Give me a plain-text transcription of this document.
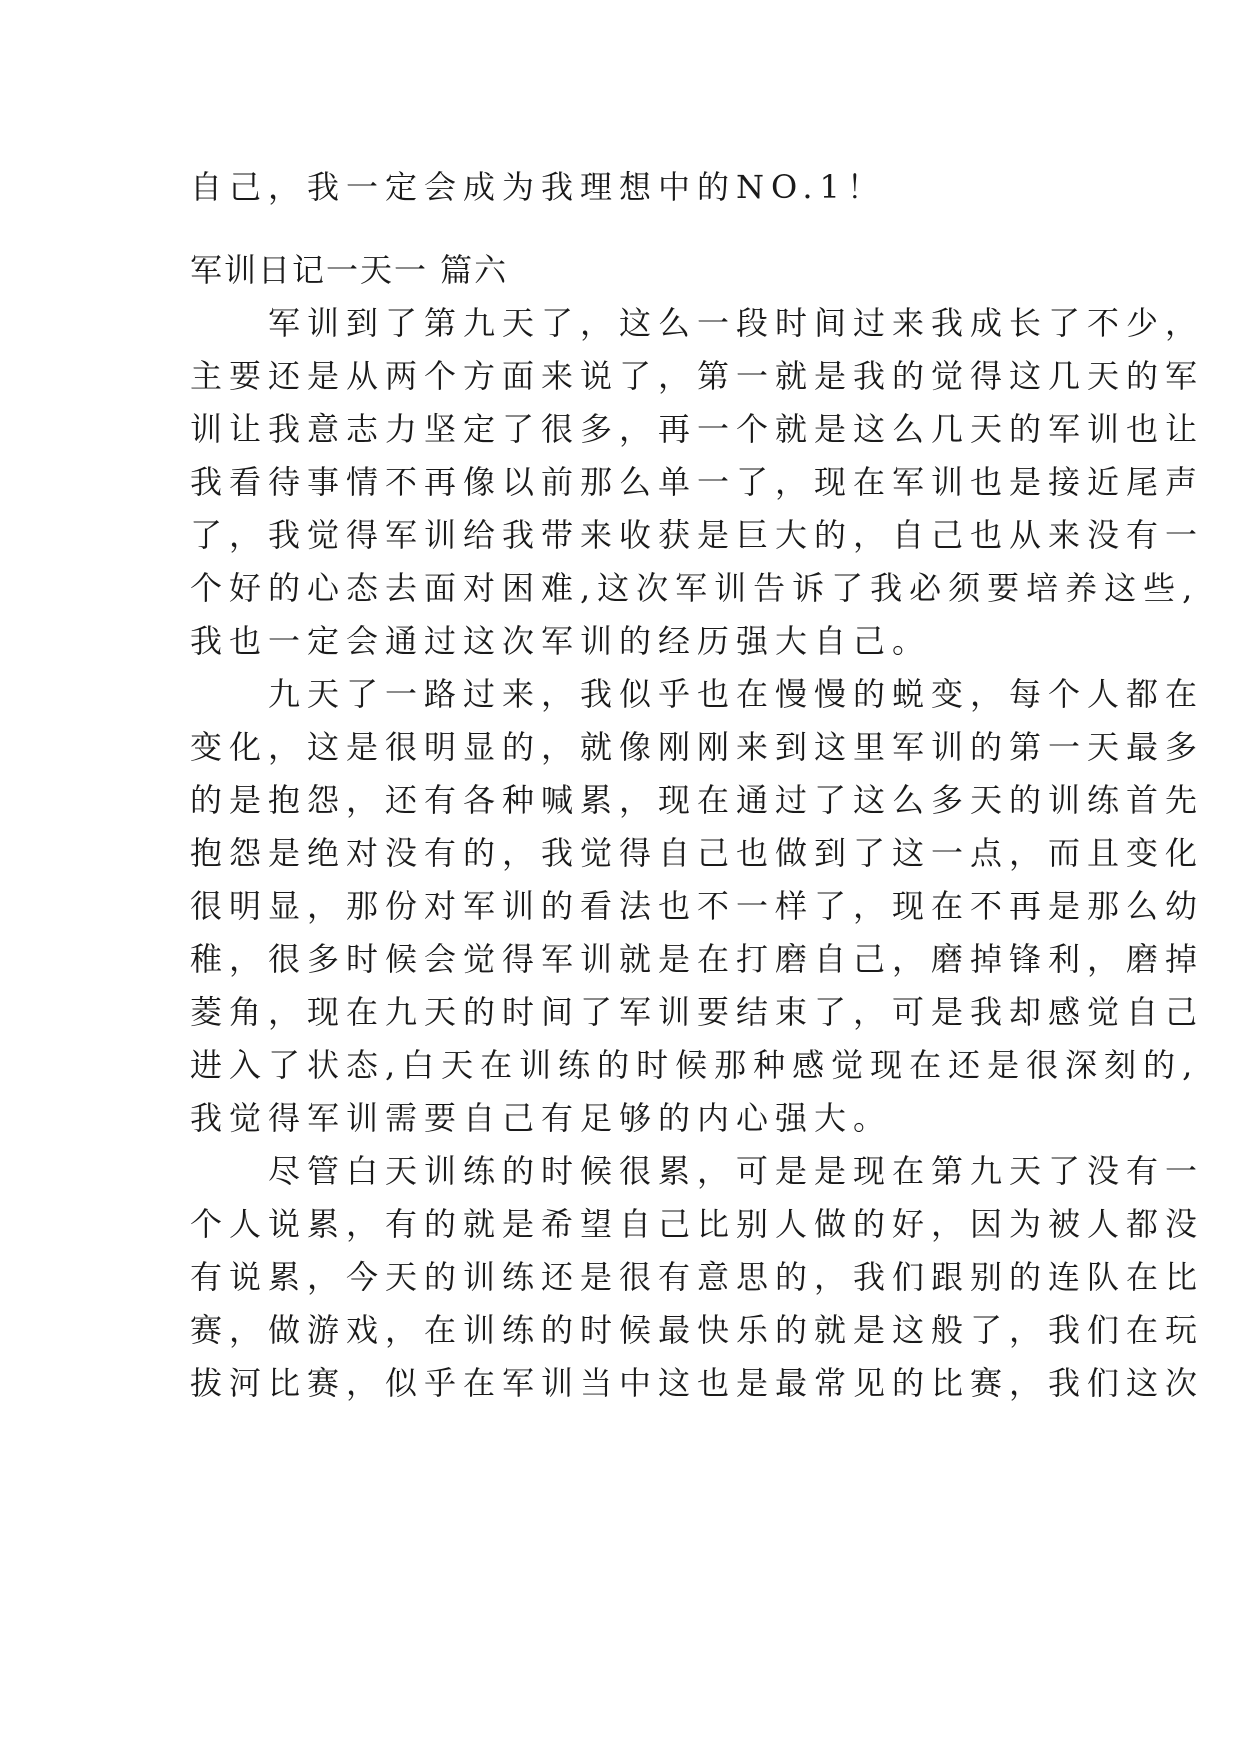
自己，我一定会成为我理想中的NO.1！
军训日记一天一 篇六
　　军训到了第九天了，这么一段时间过来我成长了不少，
主要还是从两个方面来说了，第一就是我的觉得这几天的军
训让我意志力坚定了很多，再一个就是这么几天的军训也让
我看待事情不再像以前那么单一了，现在军训也是接近尾声
了，我觉得军训给我带来收获是巨大的，自己也从来没有一
个好的心态去面对困难,这次军训告诉了我必须要培养这些,
我也一定会通过这次军训的经历强大自己。
　　九天了一路过来，我似乎也在慢慢的蜕变，每个人都在
变化，这是很明显的，就像刚刚来到这里军训的第一天最多
的是抱怨，还有各种喊累，现在通过了这么多天的训练首先
抱怨是绝对没有的，我觉得自己也做到了这一点，而且变化
很明显，那份对军训的看法也不一样了，现在不再是那么幼
稚，很多时候会觉得军训就是在打磨自己，磨掉锋利，磨掉
菱角，现在九天的时间了军训要结束了，可是我却感觉自己
进入了状态,白天在训练的时候那种感觉现在还是很深刻的,
我觉得军训需要自己有足够的内心强大。
　　尽管白天训练的时候很累，可是是现在第九天了没有一
个人说累，有的就是希望自己比别人做的好，因为被人都没
有说累，今天的训练还是很有意思的，我们跟别的连队在比
赛，做游戏，在训练的时候最快乐的就是这般了，我们在玩
拔河比赛，似乎在军训当中这也是最常见的比赛，我们这次
